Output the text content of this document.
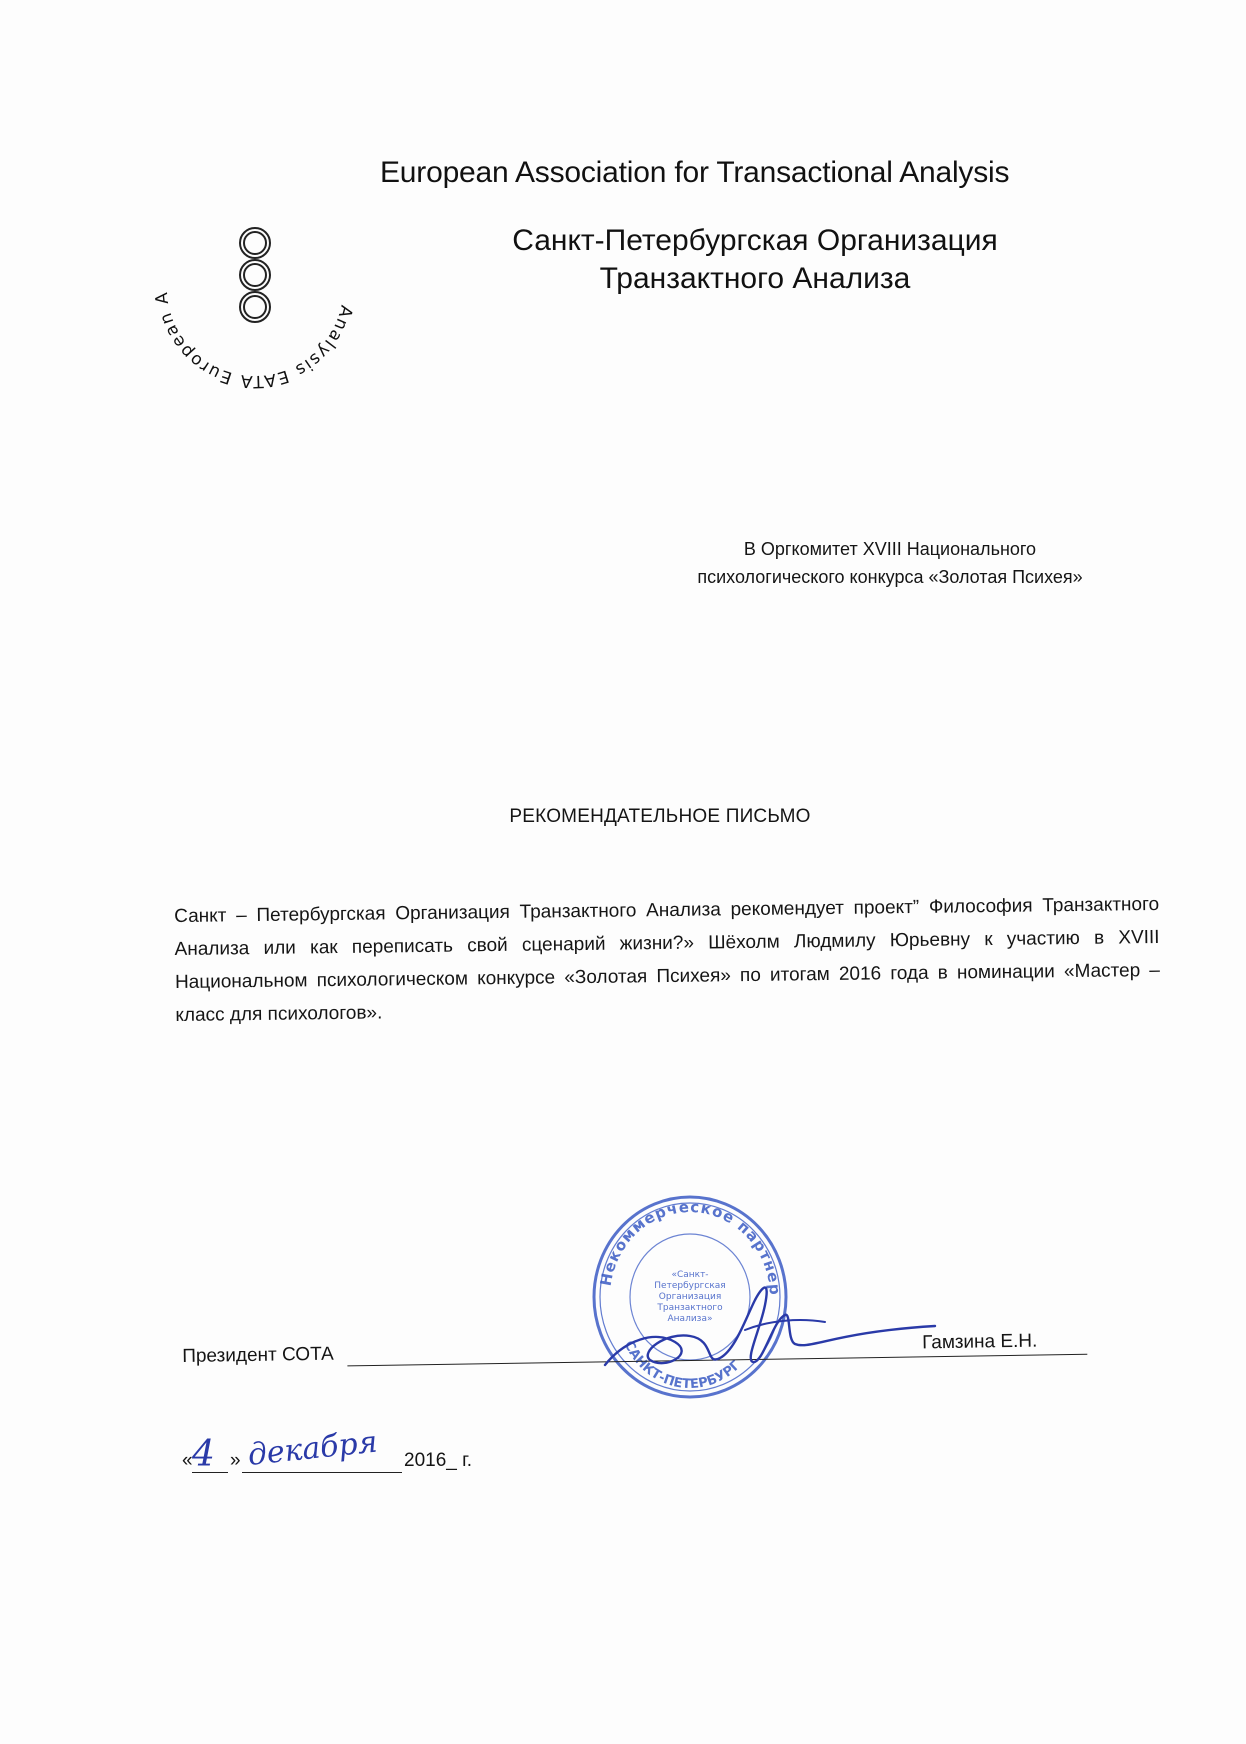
Analysis EATA European Association for Transactional	European Association for Transactional Analysis
Санкт-Петербургская Организация
Транзактного Анализа
В Оргкомитет XVIII Национального
психологического конкурса «Золотая Психея»
РЕКОМЕНДАТЕЛЬНОЕ ПИСЬМО
Санкт – Петербургская Организация Транзактного Анализа рекомендует проект” Философия Транзактного Анализа или как переписать свой сценарий жизни?» Шёхолм Людмилу Юрьевну к участию в XVIII Национальном психологическом конкурсе «Золотая Психея» по итогам 2016 года в номинации «Мастер – класс для психологов».
Некоммерческое партнерство
САНКТ-ПЕТЕРБУРГ
«Санкт-Петербургская Организация Транзактного Анализа»
Президент СОТА
Гамзина Е.Н.
« 4 » декабря 2016_ г.
